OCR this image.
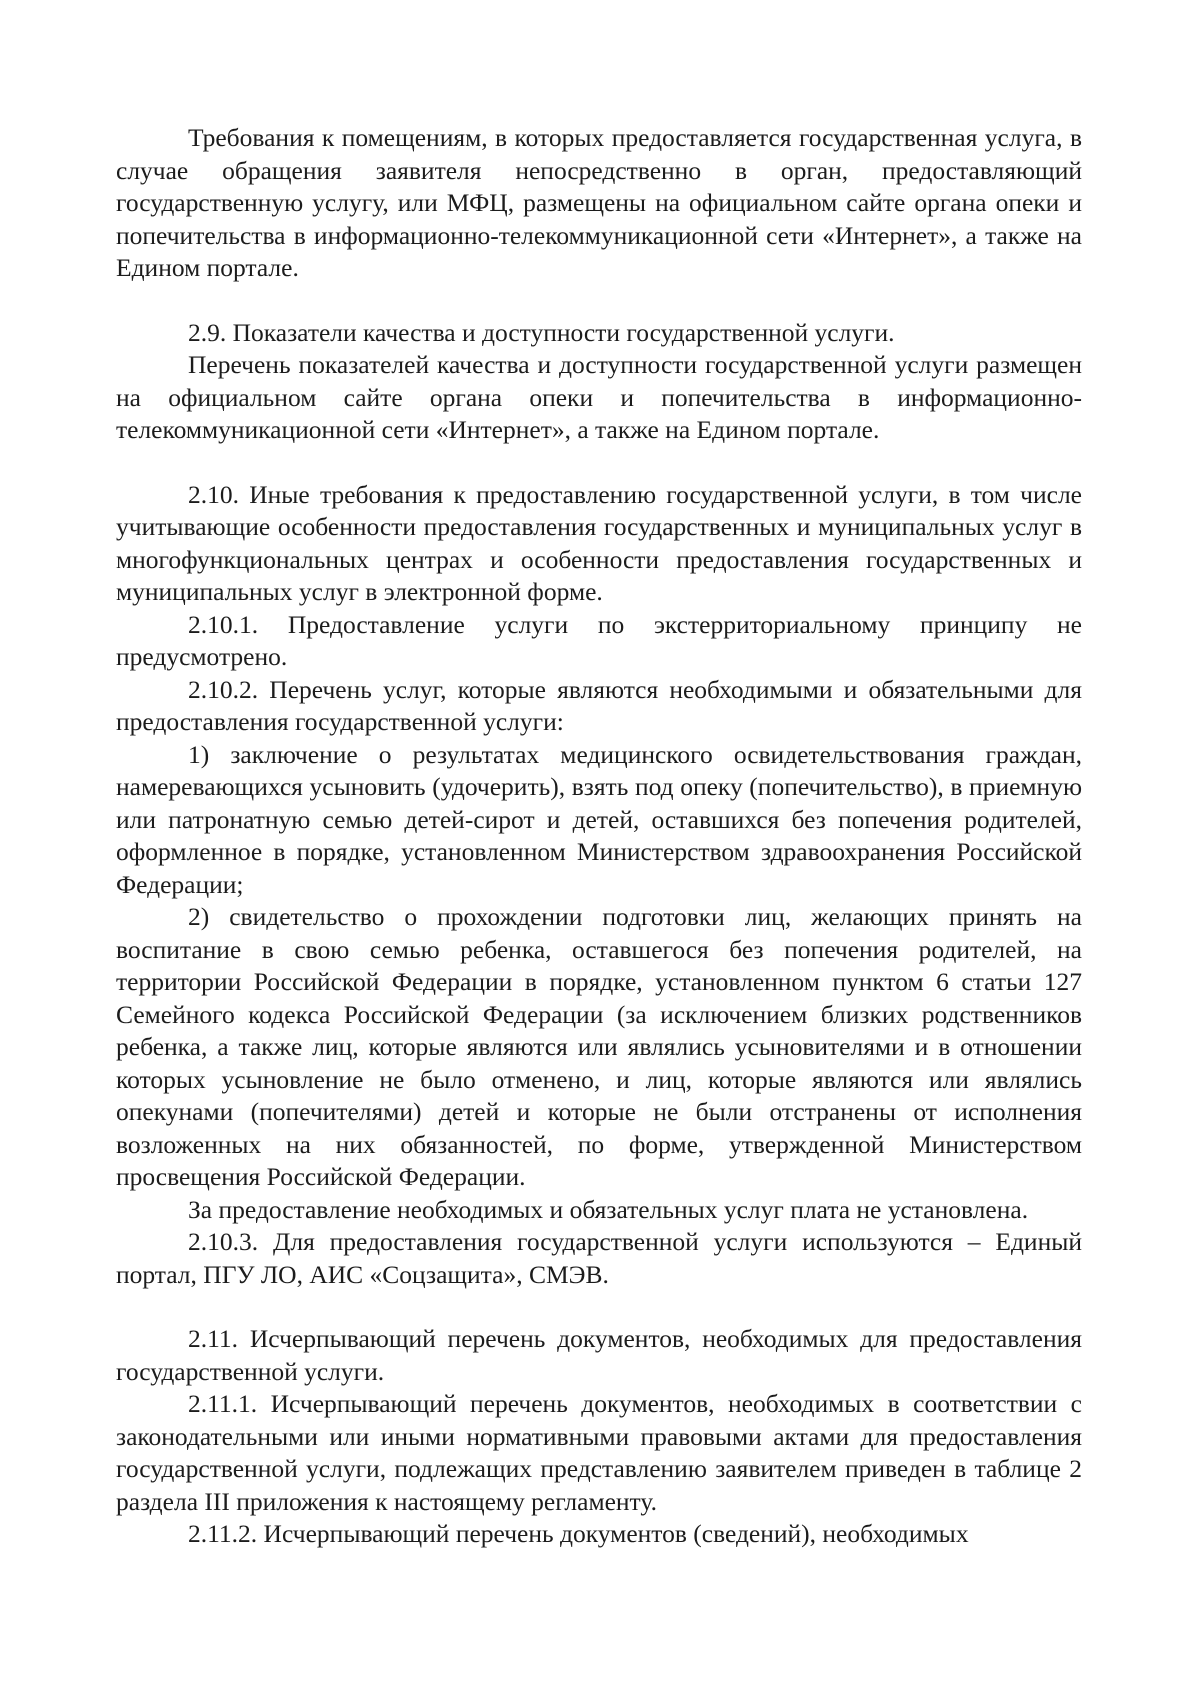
Требования к помещениям, в которых предоставляется государственная услуга, в случае обращения заявителя непосредственно в орган, предоставляющий государственную услугу, или МФЦ, размещены на официальном сайте органа опеки и попечительства в информационно-телекоммуникационной сети «Интернет», а также на Едином портале.

2.9. Показатели качества и доступности государственной услуги.

Перечень показателей качества и доступности государственной услуги размещен на официальном сайте органа опеки и попечительства в информационно-телекоммуникационной сети «Интернет», а также на Едином портале.

2.10. Иные требования к предоставлению государственной услуги, в том числе учитывающие особенности предоставления государственных и муниципальных услуг в многофункциональных центрах и особенности предоставления государственных и муниципальных услуг в электронной форме.

2.10.1. Предоставление услуги по экстерриториальному принципу не предусмотрено.

2.10.2. Перечень услуг, которые являются необходимыми и обязательными для предоставления государственной услуги:

1) заключение о результатах медицинского освидетельствования граждан, намеревающихся усыновить (удочерить), взять под опеку (попечительство), в приемную или патронатную семью детей-сирот и детей, оставшихся без попечения родителей, оформленное в порядке, установленном Министерством здравоохранения Российской Федерации;

2) свидетельство о прохождении подготовки лиц, желающих принять на воспитание в свою семью ребенка, оставшегося без попечения родителей, на территории Российской Федерации в порядке, установленном пунктом 6 статьи 127 Семейного кодекса Российской Федерации (за исключением близких родственников ребенка, а также лиц, которые являются или являлись усыновителями и в отношении которых усыновление не было отменено, и лиц, которые являются или являлись опекунами (попечителями) детей и которые не были отстранены от исполнения возложенных на них обязанностей, по форме, утвержденной Министерством просвещения Российской Федерации.

За предоставление необходимых и обязательных услуг плата не установлена.

2.10.3. Для предоставления государственной услуги используются – Единый портал, ПГУ ЛО, АИС «Соцзащита», СМЭВ.

2.11. Исчерпывающий перечень документов, необходимых для предоставления государственной услуги.

2.11.1. Исчерпывающий перечень документов, необходимых в соответствии с законодательными или иными нормативными правовыми актами для предоставления государственной услуги, подлежащих представлению заявителем приведен в таблице 2 раздела III приложения к настоящему регламенту.

2.11.2. Исчерпывающий перечень документов (сведений), необходимых
